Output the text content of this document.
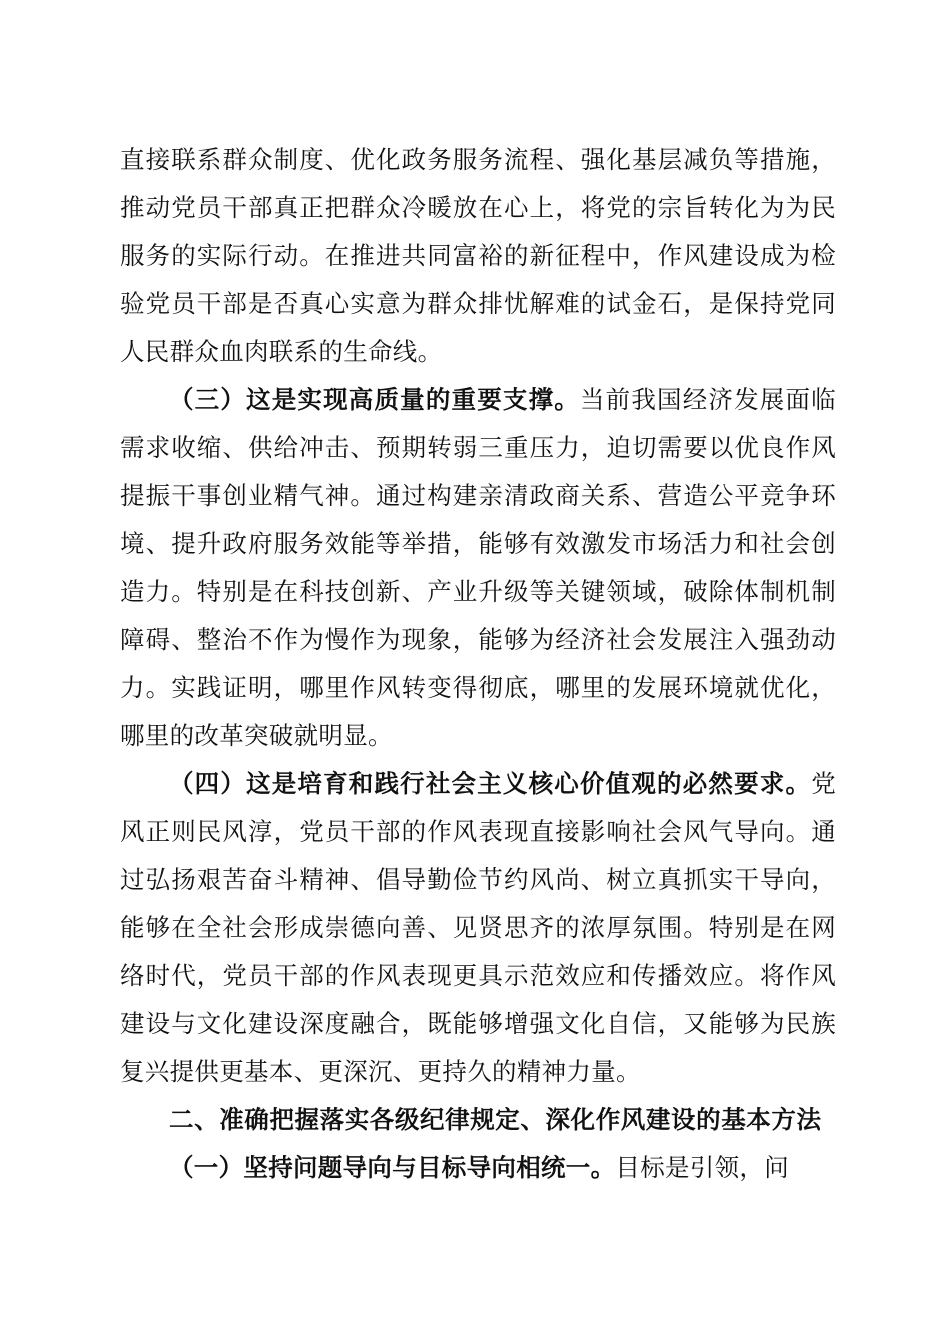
直接联系群众制度、优化政务服务流程、强化基层减负等措施，推动党员干部真正把群众冷暖放在心上，将党的宗旨转化为为民服务的实际行动。在推进共同富裕的新征程中，作风建设成为检验党员干部是否真心实意为群众排忧解难的试金石，是保持党同人民群众血肉联系的生命线。

（三）这是实现高质量的重要支撑。当前我国经济发展面临需求收缩、供给冲击、预期转弱三重压力，迫切需要以优良作风提振干事创业精气神。通过构建亲清政商关系、营造公平竞争环境、提升政府服务效能等举措，能够有效激发市场活力和社会创造力。特别是在科技创新、产业升级等关键领域，破除体制机制障碍、整治不作为慢作为现象，能够为经济社会发展注入强劲动力。实践证明，哪里作风转变得彻底，哪里的发展环境就优化，哪里的改革突破就明显。

（四）这是培育和践行社会主义核心价值观的必然要求。党风正则民风淳，党员干部的作风表现直接影响社会风气导向。通过弘扬艰苦奋斗精神、倡导勤俭节约风尚、树立真抓实干导向，能够在全社会形成崇德向善、见贤思齐的浓厚氛围。特别是在网络时代，党员干部的作风表现更具示范效应和传播效应。将作风建设与文化建设深度融合，既能够增强文化自信，又能够为民族复兴提供更基本、更深沉、更持久的精神力量。

二、准确把握落实各级纪律规定、深化作风建设的基本方法

（一）坚持问题导向与目标导向相统一。目标是引领，问
